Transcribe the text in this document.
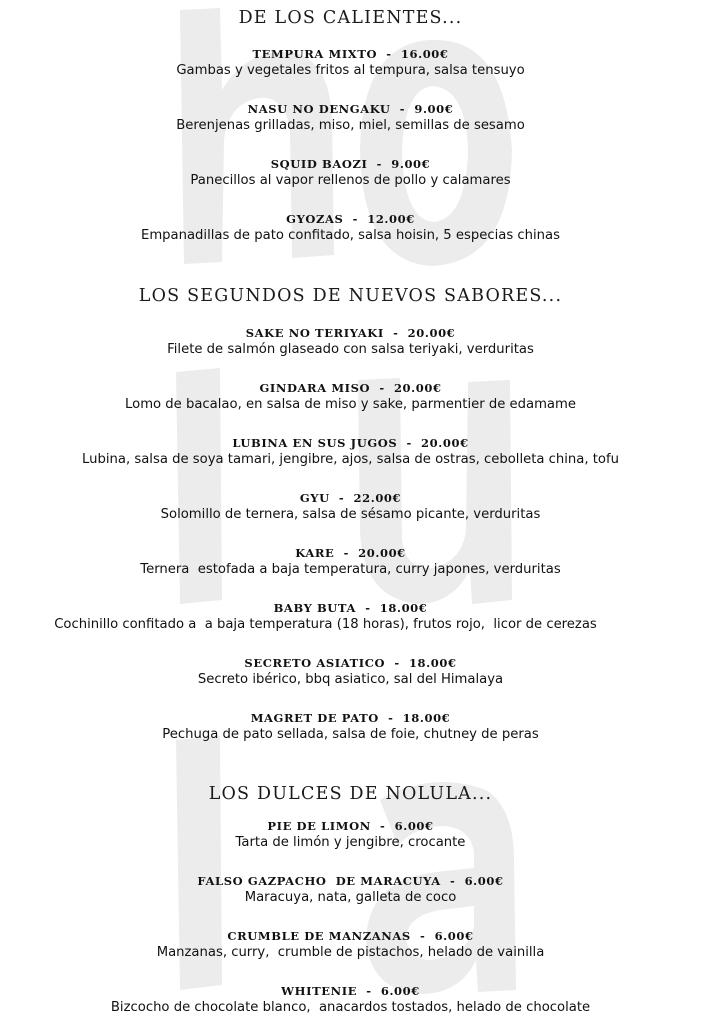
DE LOS CALIENTES...

TEMPURA MIXTO  -  16.00€

Gambas y vegetales fritos al tempura, salsa tensuyo

NASU NO DENGAKU  -  9.00€

Berenjenas grilladas, miso, miel, semillas de sesamo

SQUID BAOZI  -  9.00€

Panecillos al vapor rellenos de pollo y calamares

GYOZAS  -  12.00€

Empanadillas de pato confitado, salsa hoisin, 5 especias chinas

LOS SEGUNDOS DE NUEVOS SABORES...

SAKE NO TERIYAKI  -  20.00€

Filete de salmón glaseado con salsa teriyaki, verduritas

GINDARA MISO  -  20.00€

Lomo de bacalao, en salsa de miso y sake, parmentier de edamame

LUBINA EN SUS JUGOS  -  20.00€

Lubina, salsa de soya tamari, jengibre, ajos, salsa de ostras, cebolleta china, tofu

GYU  -  22.00€

Solomillo de ternera, salsa de sésamo picante, verduritas

KARE  -  20.00€

Ternera  estofada a baja temperatura, curry japones, verduritas

BABY BUTA  -  18.00€

Cochinillo confitado a  a baja temperatura (18 horas), frutos rojo,  licor de cerezas

SECRETO ASIATICO  -  18.00€

Secreto ibérico, bbq asiatico, sal del Himalaya

MAGRET DE PATO  -  18.00€

Pechuga de pato sellada, salsa de foie, chutney de peras

LOS DULCES DE NOLULA...

PIE DE LIMON  -  6.00€

Tarta de limón y jengibre, crocante

FALSO GAZPACHO  DE MARACUYA  -  6.00€

Maracuya, nata, galleta de coco

CRUMBLE DE MANZANAS  -  6.00€

Manzanas, curry,  crumble de pistachos, helado de vainilla

WHITENIE  -  6.00€

Bizcocho de chocolate blanco,  anacardos tostados, helado de chocolate
